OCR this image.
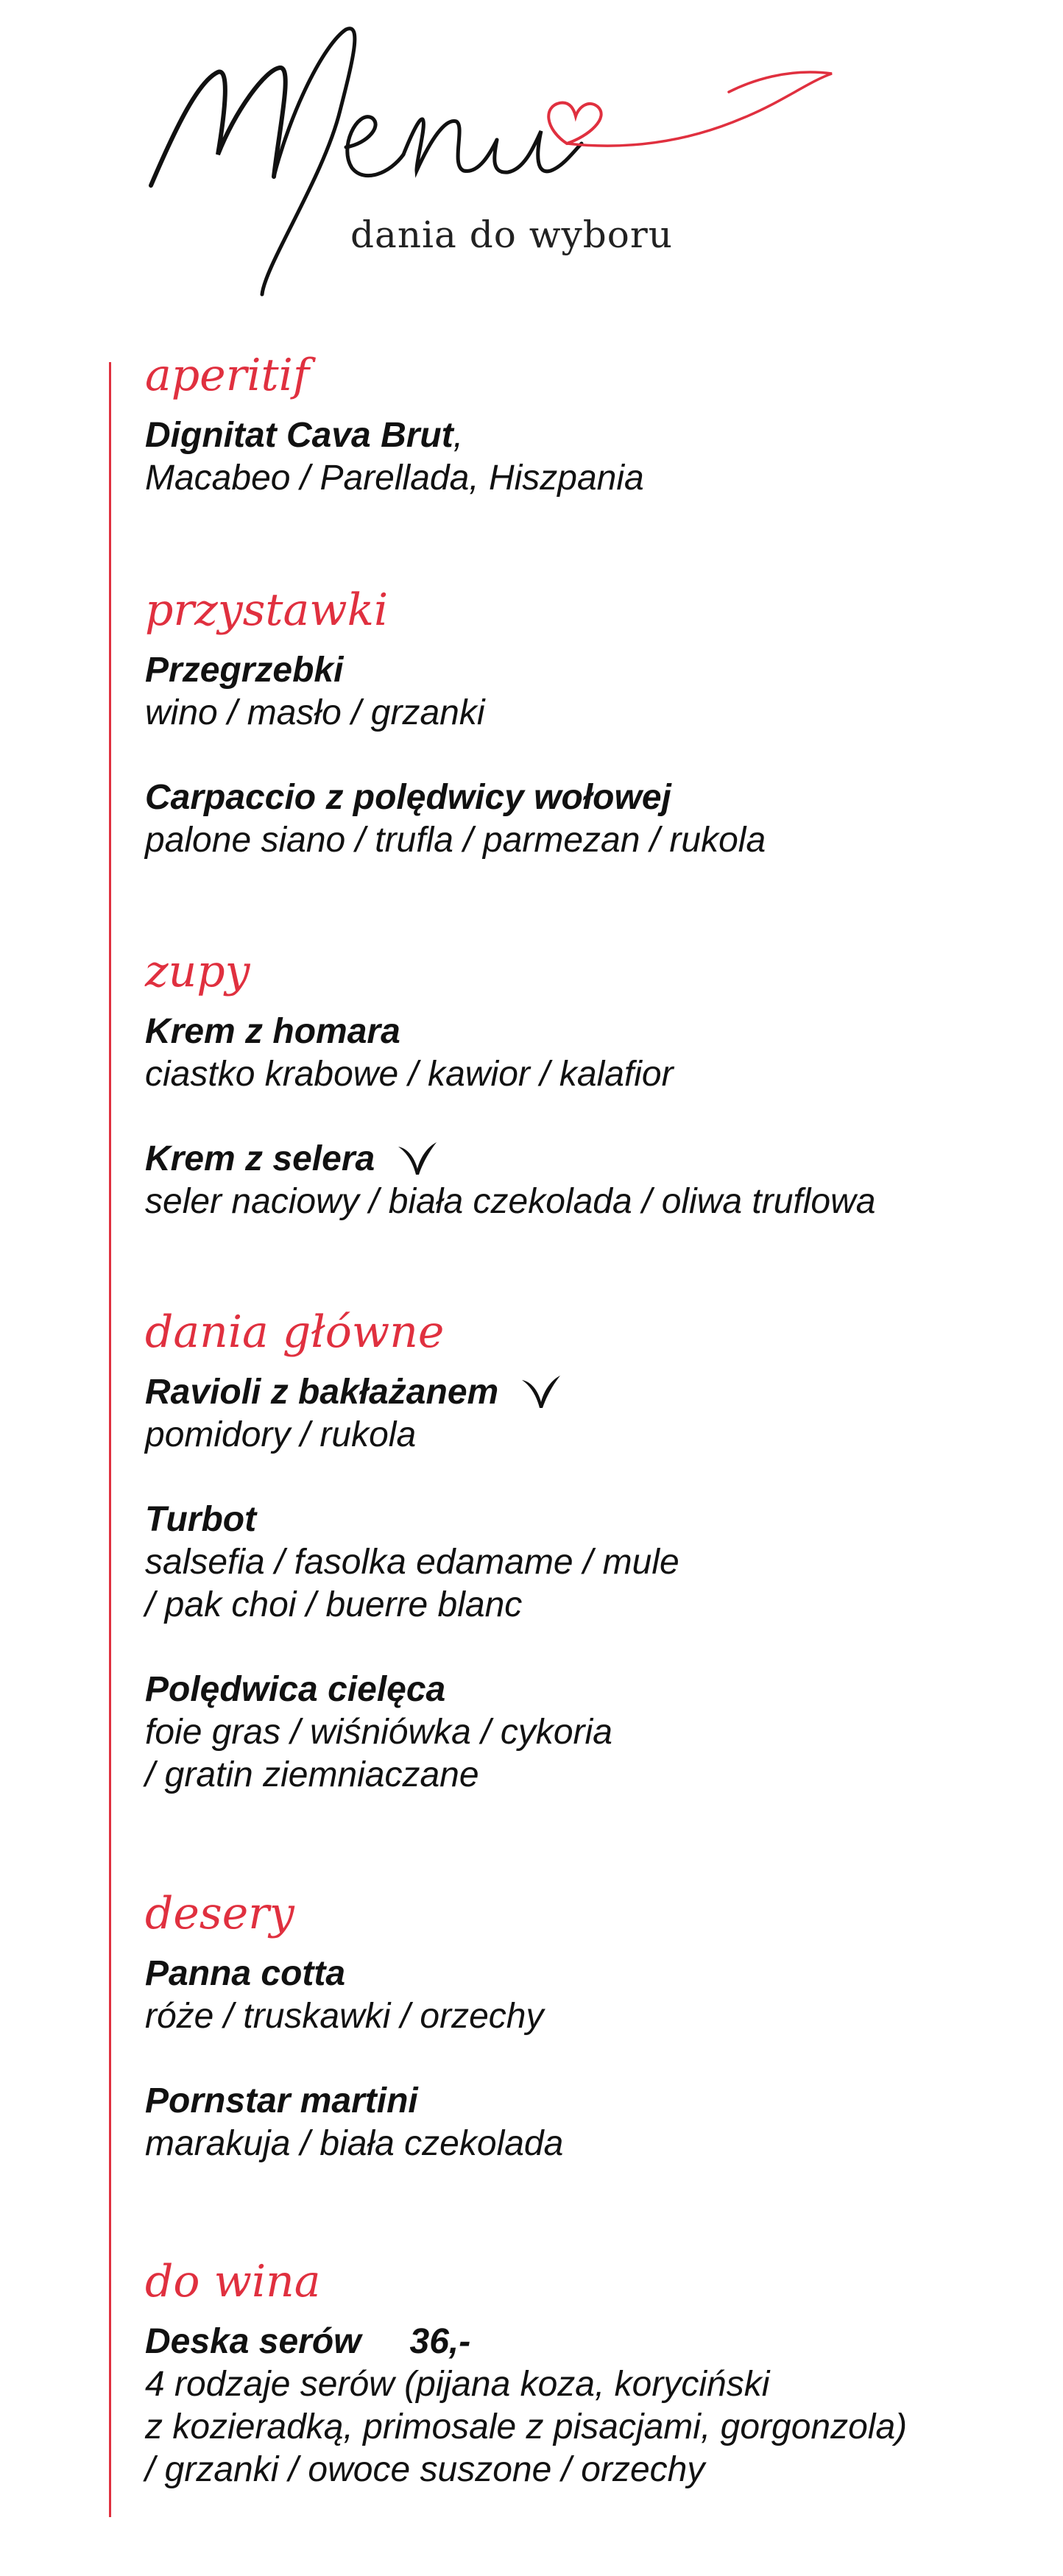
dania do wyboru
aperitif
Dignitat Cava Brut ,
Macabeo / Parellada, Hiszpania
przystawki
Przegrzebki
wino / masło / grzanki
Carpaccio z polędwicy wołowej
palone siano / trufla / parmezan / rukola
zupy
Krem z homara
ciastko krabowe / kawior / kalafior
Krem z selera
seler naciowy / biała czekolada / oliwa truflowa
dania główne
Ravioli z bakłażanem
pomidory / rukola
Turbot
salsefia / fasolka edamame / mule
/ pak choi / buerre blanc
Polędwica cielęca
foie gras / wiśniówka / cykoria
/ gratin ziemniaczane
desery
Panna cotta
róże / truskawki / orzechy
Pornstar martini
marakuja / biała czekolada
do wina
Deska serów 36,-
4 rodzaje serów (pijana koza, koryciński
z kozieradką, primosale z pisacjami, gorgonzola)
/ grzanki / owoce suszone / orzechy
